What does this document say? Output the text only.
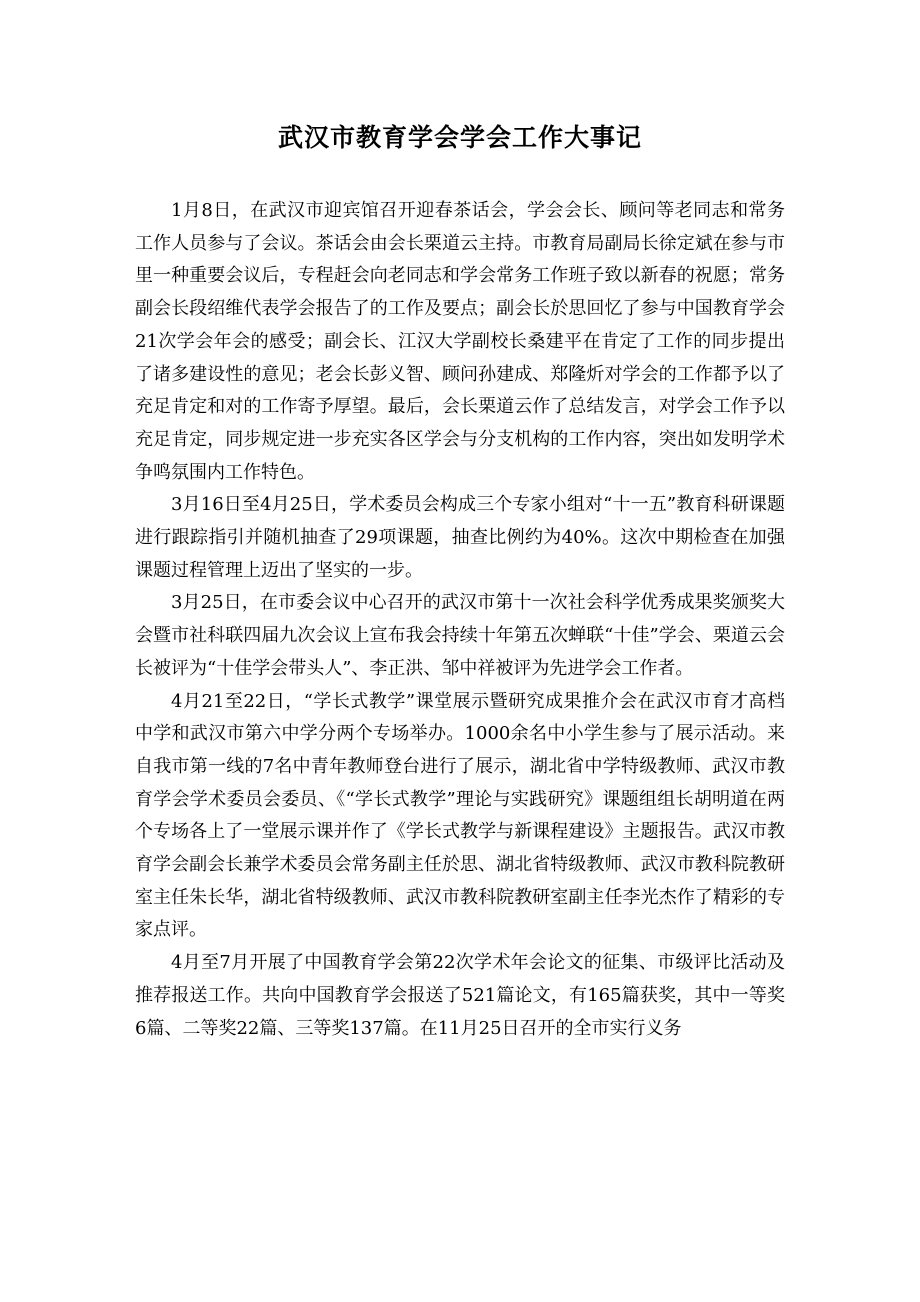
武汉市教育学会学会工作大事记

1月8日，在武汉市迎宾馆召开迎春茶话会，学会会长、顾问等老同志和常务工作人员参与了会议。茶话会由会长栗道云主持。市教育局副局长徐定斌在参与市里一种重要会议后，专程赶会向老同志和学会常务工作班子致以新春的祝愿；常务副会长段绍维代表学会报告了的工作及要点；副会长於思回忆了参与中国教育学会21次学会年会的感受；副会长、江汉大学副校长桑建平在肯定了工作的同步提出了诸多建设性的意见；老会长彭义智、顾问孙建成、郑隆炘对学会的工作都予以了充足肯定和对的工作寄予厚望。最后，会长栗道云作了总结发言，对学会工作予以充足肯定，同步规定进一步充实各区学会与分支机构的工作内容，突出如发明学术争鸣氛围内工作特色。

3月16日至4月25日，学术委员会构成三个专家小组对“十一五”教育科研课题进行跟踪指引并随机抽查了29项课题，抽查比例约为40%。这次中期检查在加强课题过程管理上迈出了坚实的一步。

3月25日，在市委会议中心召开的武汉市第十一次社会科学优秀成果奖颁奖大会暨市社科联四届九次会议上宣布我会持续十年第五次蝉联“十佳”学会、栗道云会长被评为“十佳学会带头人”、李正洪、邹中祥被评为先进学会工作者。

4月21至22日，“学长式教学”课堂展示暨研究成果推介会在武汉市育才高档中学和武汉市第六中学分两个专场举办。1000余名中小学生参与了展示活动。来自我市第一线的7名中青年教师登台进行了展示，湖北省中学特级教师、武汉市教育学会学术委员会委员、《“学长式教学”理论与实践研究》课题组组长胡明道在两个专场各上了一堂展示课并作了《学长式教学与新课程建设》主题报告。武汉市教育学会副会长兼学术委员会常务副主任於思、湖北省特级教师、武汉市教科院教研室主任朱长华，湖北省特级教师、武汉市教科院教研室副主任李光杰作了精彩的专家点评。

4月至7月开展了中国教育学会第22次学术年会论文的征集、市级评比活动及推荐报送工作。共向中国教育学会报送了521篇论文，有165篇获奖，其中一等奖6篇、二等奖22篇、三等奖137篇。在11月25日召开的全市实行义务
